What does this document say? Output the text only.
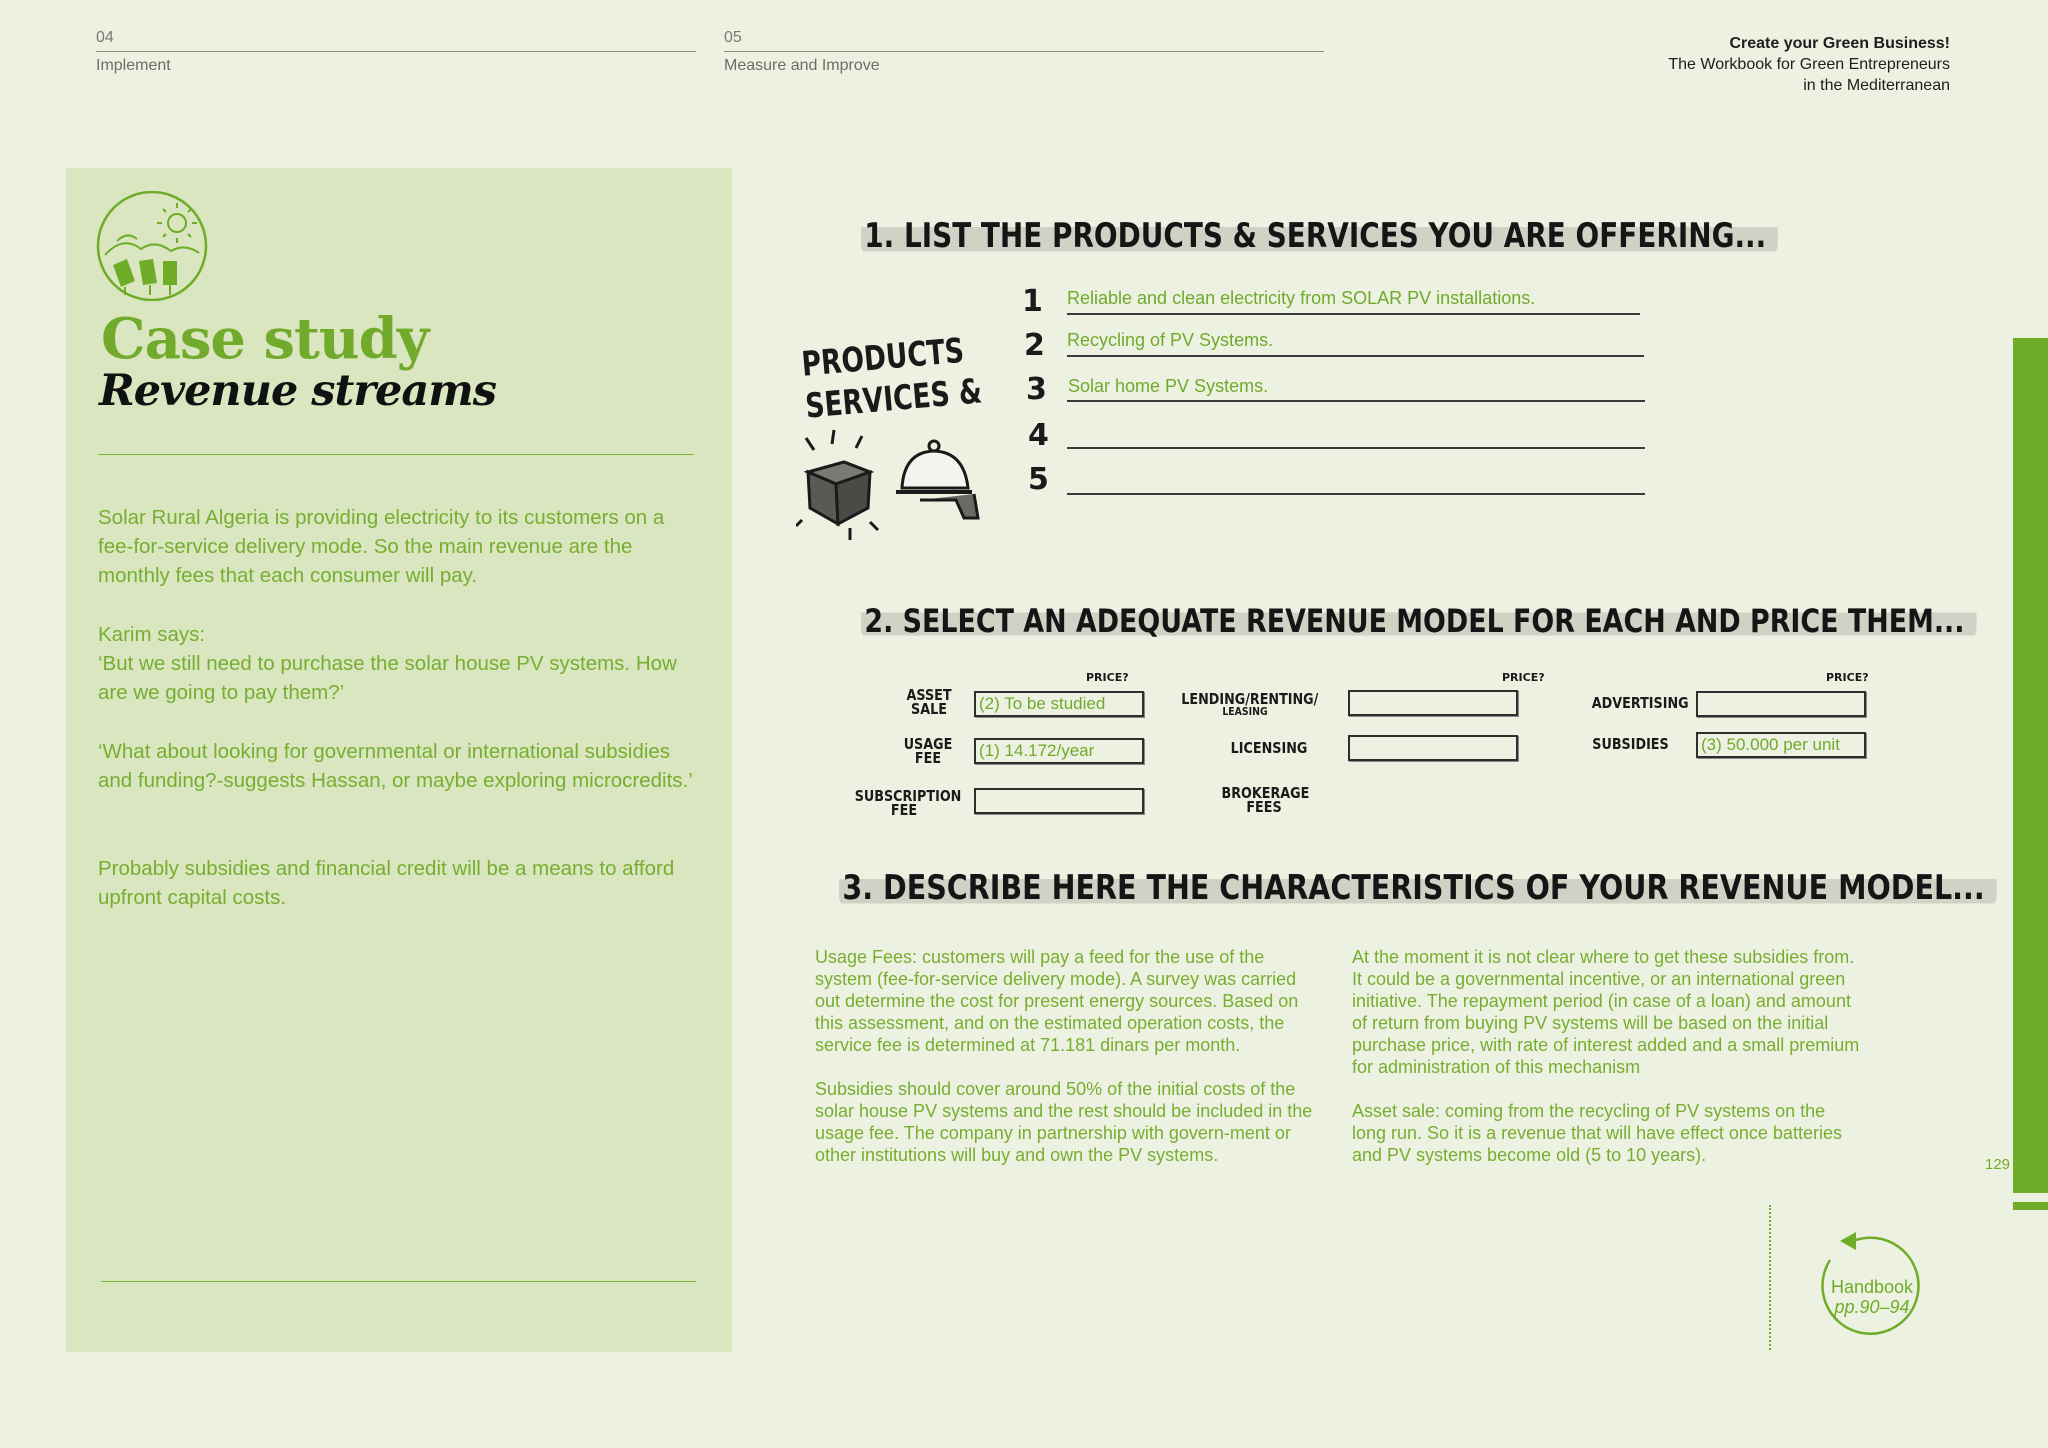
04
Implement
05
Measure and Improve
Create your Green Business!
The Workbook for Green Entrepreneurs
in the Mediterranean
Case study
Revenue streams
Solar Rural Algeria is providing electricity to its customers on a fee-for-service delivery mode. So the main revenue are the monthly fees that each consumer will pay.
Karim says:
‘But we still need to purchase the solar house PV systems. How are we going to pay them?’
‘What about looking for governmental or international subsidies and funding?-suggests Hassan, or maybe exploring microcredits.’
Probably subsidies and financial credit will be a means to afford upfront capital costs.
1. LIST THE PRODUCTS & SERVICES YOU ARE OFFERING...
PRODUCTS
SERVICES &
1
2
3
4
5
Reliable and clean electricity from SOLAR PV installations.
Recycling of PV Systems.
Solar home PV Systems.
2. SELECT AN ADEQUATE REVENUE MODEL FOR EACH AND PRICE THEM...
PRICE?	PRICE?	PRICE?
ASSET
SALE	(2) To be studied
USAGE
FEE	(1) 14.172/year
SUBSCRIPTION
FEE
LENDING/RENTING/
LEASING
LICENSING
BROKERAGE
FEES
ADVERTISING
SUBSIDIES (3) 50.000 per unit
3. DESCRIBE HERE THE CHARACTERISTICS OF YOUR REVENUE MODEL...

Usage Fees: customers will pay a feed for the use of the system (fee-for-service delivery mode). A survey was carried out determine the cost for present energy sources. Based on this assessment, and on the estimated operation costs, the service fee is determined at 71.181 dinars per month.

Subsidies should cover around 50% of the initial costs of the solar house PV systems and the rest should be included in the usage fee. The company in partnership with govern-ment or other institutions will buy and own the PV systems.

At the moment it is not clear where to get these subsidies from. It could be a governmental incentive, or an international green initiative. The repayment period (in case of a loan) and amount of return from buying PV systems will be based on the initial purchase price, with rate of interest added and a small premium for administration of this mechanism

Asset sale: coming from the recycling of PV systems on the long run. So it is a revenue that will have effect once batteries and PV systems become old (5 to 10 years).	129
Handbook
pp.90–94
